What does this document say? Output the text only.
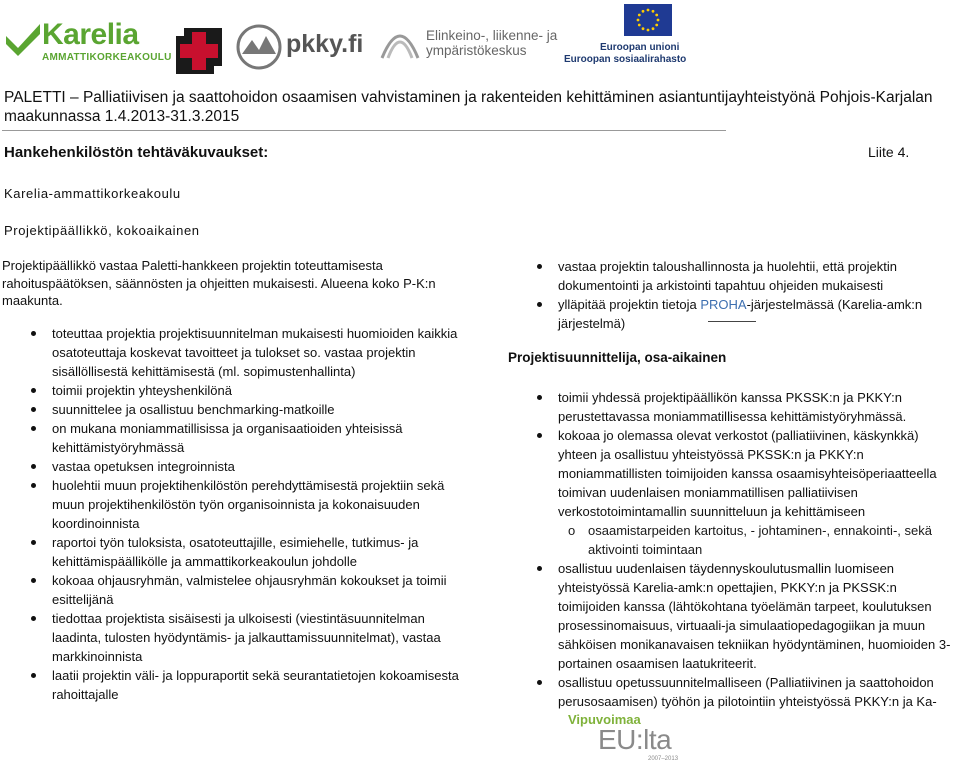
Karelia
AMMATTIKORKEAKOULU	pkky.fi	Elinkeino-, liikenne- ja
ympäristökeskus	Euroopan unioni
Euroopan sosiaalirahasto
PALETTI – Palliatiivisen ja saattohoidon osaamisen vahvistaminen ja rakenteiden kehittäminen asiantuntijayhteistyönä Pohjois-Karjalan maakunnassa 1.4.2013-31.3.2015
Hankehenkilöstön tehtäväkuvaukset:	Liite 4.
Karelia-ammattikorkeakoulu
Projektipäällikkö, kokoaikainen
Projektipäällikkö vastaa Paletti-hankkeen projektin toteuttamisesta rahoituspäätöksen, säännösten ja ohjeitten mukaisesti. Alueena koko P-K:n maakunta.
toteuttaa projektia projektisuunnitelman mukaisesti huomioiden kaikkia osatoteuttaja koskevat tavoitteet ja tulokset so. vastaa projektin sisällöllisestä kehittämisestä (ml. sopimustenhallinta)
toimii projektin yhteyshenkilönä
suunnittelee ja osallistuu benchmarking-matkoille
on mukana moniammatillisissa ja organisaatioiden yhteisissä kehittämistyöryhmässä
vastaa opetuksen integroinnista
huolehtii muun projektihenkilöstön perehdyttämisestä projektiin sekä muun projektihenkilöstön työn organisoinnista ja kokonaisuuden koordinoinnista
raportoi työn tuloksista, osatoteuttajille, esimiehelle, tutkimus- ja kehittämispäällikölle ja ammattikorkeakoulun johdolle
kokoaa ohjausryhmän, valmistelee ohjausryhmän kokoukset ja toimii esittelijänä
tiedottaa projektista sisäisesti ja ulkoisesti (viestintäsuunnitelman laadinta, tulosten hyödyntämis- ja jalkauttamissuunnitelmat), vastaa markkinoinnista
laatii projektin väli- ja loppuraportit sekä seurantatietojen kokoamisesta rahoittajalle
vastaa projektin taloushallinnosta ja huolehtii, että projektin dokumentointi ja arkistointi tapahtuu ohjeiden mukaisesti
ylläpitää projektin tietoja PROHA-järjestelmässä (Karelia-amk:n järjestelmä)
Projektisuunnittelija, osa-aikainen
toimii yhdessä projektipäällikön kanssa PKSSK:n ja PKKY:n perustettavassa moniammatillisessa kehittämistyöryhmässä.
kokoaa jo olemassa olevat verkostot (palliatiivinen, käskynkkä) yhteen ja osallistuu yhteistyössä PKSSK:n ja PKKY:n moniammatillisten toimijoiden kanssa osaamisyhteisöperiaatteella toimivan uudenlaisen moniammatillisen palliatiivisen verkostotoimintamallin suunnitteluun ja kehittämiseen
o osaamistarpeiden kartoitus, - johtaminen-, ennakointi-, sekä aktivointi toimintaan
osallistuu uudenlaisen täydennyskoulutusmallin luomiseen yhteistyössä Karelia-amk:n opettajien, PKKY:n ja PKSSK:n toimijoiden kanssa (lähtökohtana työelämän tarpeet, koulutuksen prosessinomaisuus, virtuaali-ja simulaatiopedagogiikan ja muun sähköisen monikanavaisen tekniikan hyödyntäminen, huomioiden 3-portainen osaamisen laatukriteerit.
osallistuu opetussuunnitelmalliseen (Palliatiivinen ja saattohoidon perusosaamisen) työhön ja pilotointiin yhteistyössä PKKY:n ja Ka-
Vipuvoimaa
EU:lta
2007–2013
